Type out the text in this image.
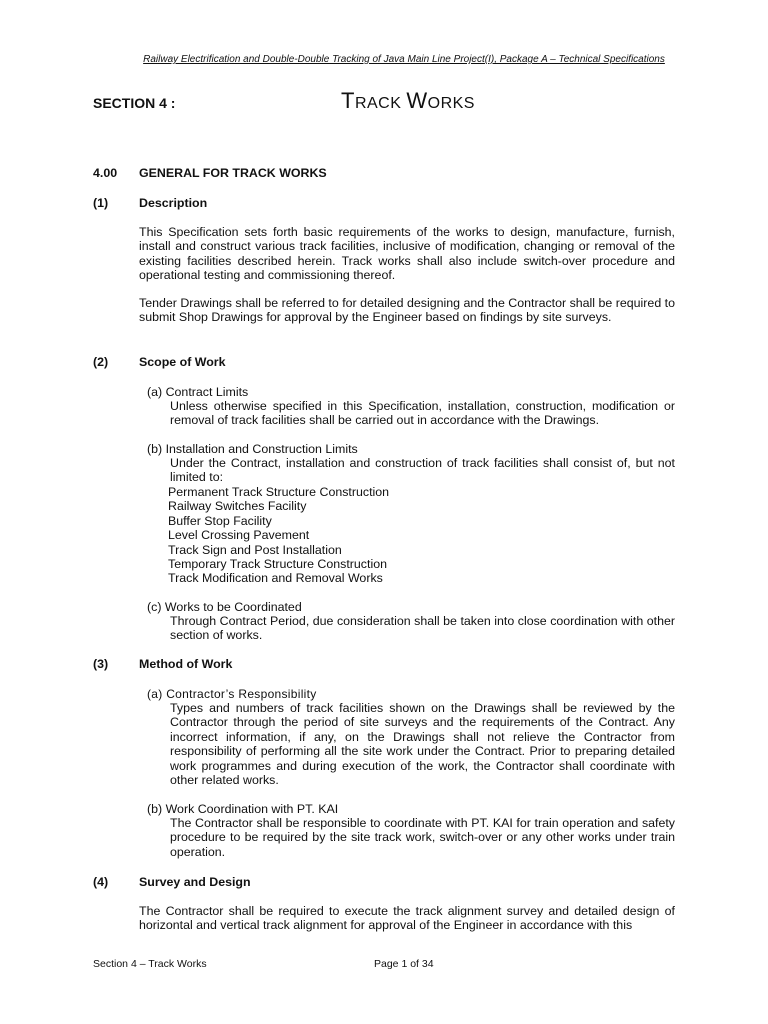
Railway Electrification and Double-Double Tracking of Java Main Line Project(I), Package A – Technical Specifications
SECTION 4 :	TRACK WORKS
4.00 GENERAL FOR TRACK WORKS
(1) Description
This Specification sets forth basic requirements of the works to design, manufacture, furnish, install and construct various track facilities, inclusive of modification, changing or removal of the existing facilities described herein. Track works shall also include switch-over procedure and operational testing and commissioning thereof.
Tender Drawings shall be referred to for detailed designing and the Contractor shall be required to submit Shop Drawings for approval by the Engineer based on findings by site surveys.
(2) Scope of Work
(a) Contract Limits
Unless otherwise specified in this Specification, installation, construction, modification or removal of track facilities shall be carried out in accordance with the Drawings.
(b) Installation and Construction Limits
Under the Contract, installation and construction of track facilities shall consist of, but not limited to:
Permanent Track Structure Construction
Railway Switches Facility
Buffer Stop Facility
Level Crossing Pavement
Track Sign and Post Installation
Temporary Track Structure Construction
Track Modification and Removal Works
(c) Works to be Coordinated
Through Contract Period, due consideration shall be taken into close coordination with other section of works.
(3) Method of Work
(a) Contractor’s Responsibility
Types and numbers of track facilities shown on the Drawings shall be reviewed by the Contractor through the period of site surveys and the requirements of the Contract. Any incorrect information, if any, on the Drawings shall not relieve the Contractor from responsibility of performing all the site work under the Contract. Prior to preparing detailed work programmes and during execution of the work, the Contractor shall coordinate with other related works.
(b) Work Coordination with PT. KAI
The Contractor shall be responsible to coordinate with PT. KAI for train operation and safety procedure to be required by the site track work, switch-over or any other works under train operation.
(4) Survey and Design
The Contractor shall be required to execute the track alignment survey and detailed design of horizontal and vertical track alignment for approval of the Engineer in accordance with this
Section 4 – Track Works	Page 1 of 34
